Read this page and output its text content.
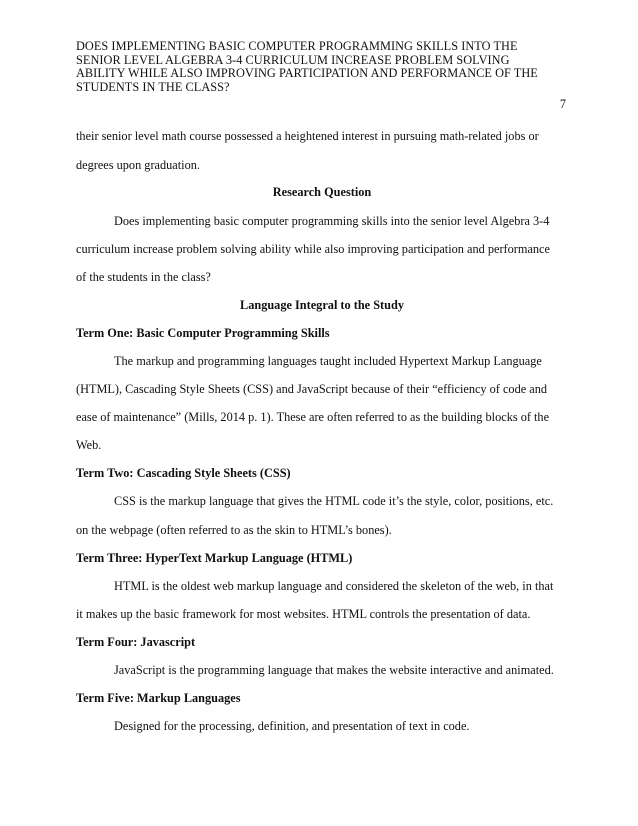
DOES IMPLEMENTING BASIC COMPUTER PROGRAMMING SKILLS INTO THE SENIOR LEVEL ALGEBRA 3-4 CURRICULUM INCREASE PROBLEM SOLVING ABILITY WHILE ALSO IMPROVING PARTICIPATION AND PERFORMANCE OF THE STUDENTS IN THE CLASS?
7
their senior level math course possessed a heightened interest in pursuing math-related jobs or
degrees upon graduation.
Research Question
Does implementing basic computer programming skills into the senior level Algebra 3-4
curriculum increase problem solving ability while also improving participation and performance
of the students in the class?
Language Integral to the Study
Term One: Basic Computer Programming Skills
The markup and programming languages taught included Hypertext Markup Language
(HTML), Cascading Style Sheets (CSS) and JavaScript because of their “efficiency of code and
ease of maintenance” (Mills, 2014 p. 1). These are often referred to as the building blocks of the
Web.
Term Two: Cascading Style Sheets (CSS)
CSS is the markup language that gives the HTML code it’s the style, color, positions, etc.
on the webpage (often referred to as the skin to HTML’s bones).
Term Three: HyperText Markup Language (HTML)
HTML is the oldest web markup language and considered the skeleton of the web, in that
it makes up the basic framework for most websites. HTML controls the presentation of data.
Term Four: Javascript
JavaScript is the programming language that makes the website interactive and animated.
Term Five: Markup Languages
Designed for the processing, definition, and presentation of text in code.
